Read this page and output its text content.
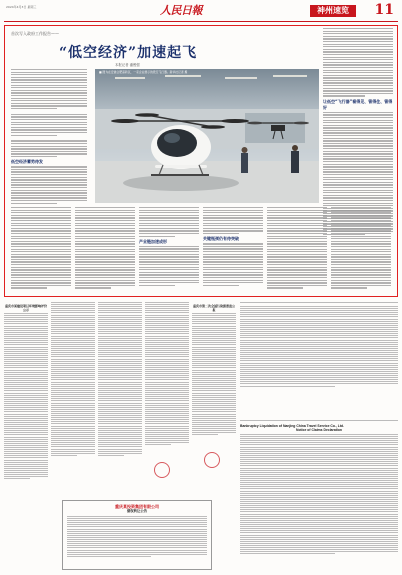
2024年4月3日 星期三	人民日報	神州速览	11
首次写入政府工作报告——
“低空经济”加速起飞
本报记者 潘俊强
低空经济蓄势待发
■ 图为在安徽合肥高新区，一家企业展示的低空飞行器。新华社记者 摄
让低空“飞行器”看得见、管得住、管得好
产业链加速成形
关键瓶颈仍有待突破
重庆市某建设项目环境影响评价公示
重庆市第二次全国污染源普查公报
Bankruptcy Liquidation of Nanjing China Travel Service Co., Ltd.
Notice of Claims Declaration
重庆某投资集团有限公司
债权转让公告
